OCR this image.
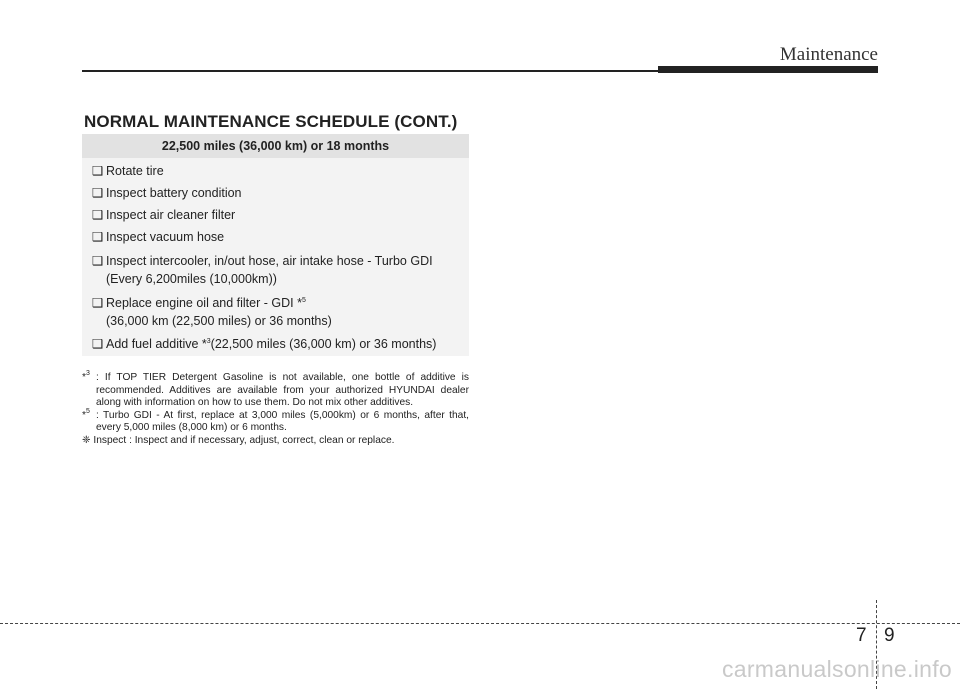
Maintenance
NORMAL MAINTENANCE SCHEDULE (CONT.)
22,500 miles (36,000 km) or 18 months
❑ Rotate tire
❑ Inspect battery condition
❑ Inspect air cleaner filter
❑ Inspect vacuum hose
❑ Inspect intercooler, in/out hose, air intake hose - Turbo GDI
(Every 6,200miles (10,000km))
❑ Replace engine oil and filter - GDI *$^5$
(36,000 km (22,500 miles) or 36 months)
❑ Add fuel additive *$^3$(22,500 miles (36,000 km) or 36 months)
*$^3$ : If TOP TIER Detergent Gasoline is not available, one bottle of additive is recommended. Additives are available from your authorized HYUNDAI dealer along with information on how to use them. Do not mix other additives.
*$^5$ : Turbo GDI - At first, replace at 3,000 miles (5,000km) or 6 months, after that, every 5,000 miles (8,000 km) or 6 months.
❈ Inspect : Inspect and if necessary, adjust, correct, clean or replace.
7 9
carmanualsonline.info
